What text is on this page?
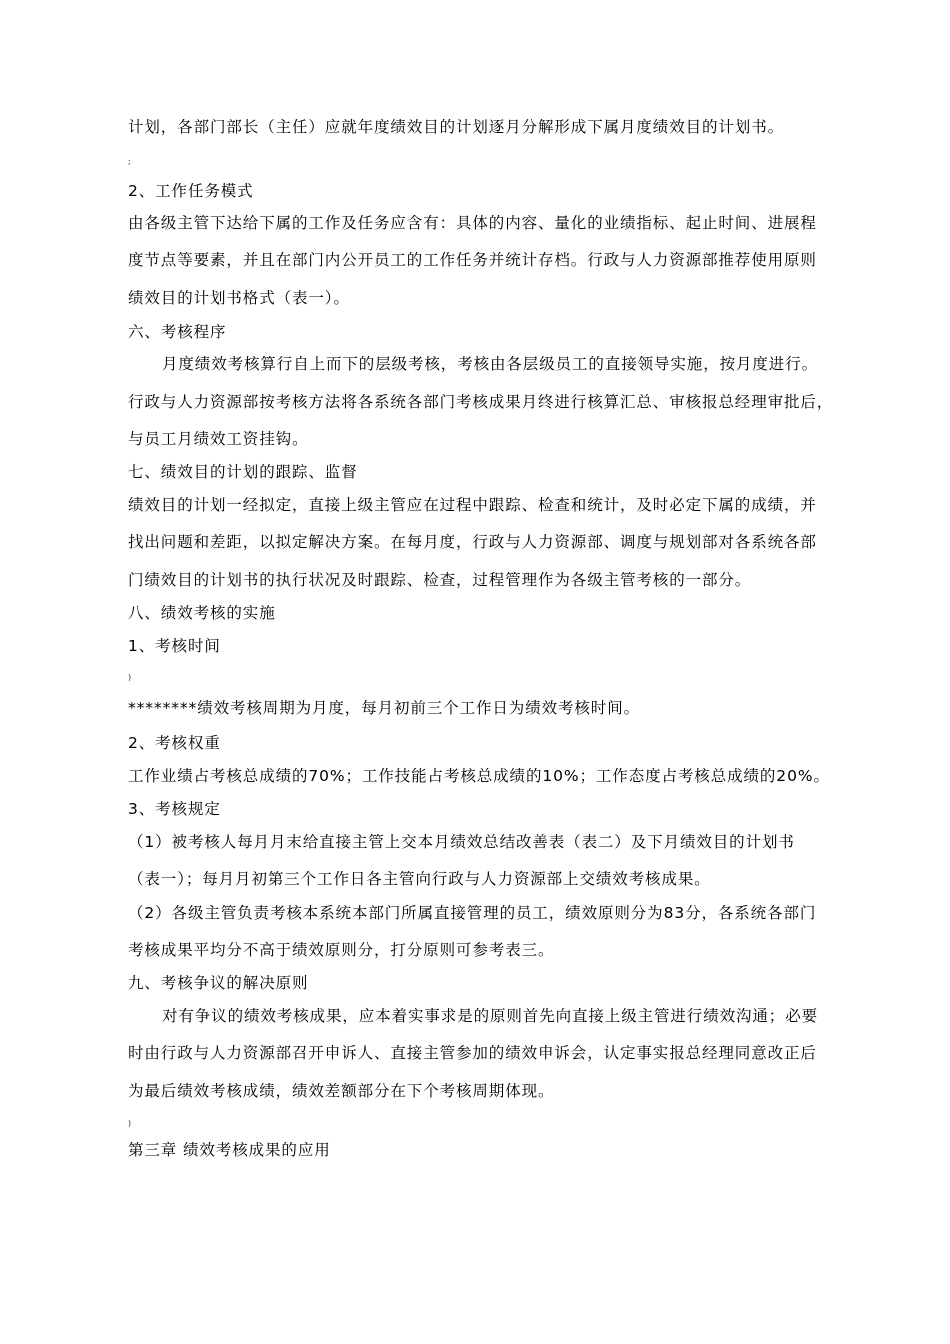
计划，各部门部长（主任）应就年度绩效目的计划逐月分解形成下属月度绩效目的计划书。
;
2、工作任务模式
由各级主管下达给下属的工作及任务应含有：具体的内容、量化的业绩指标、起止时间、进展程
度节点等要素，并且在部门内公开员工的工作任务并统计存档。行政与人力资源部推荐使用原则
绩效目的计划书格式（表一）。
六、考核程序
月度绩效考核算行自上而下的层级考核，考核由各层级员工的直接领导实施，按月度进行。
行政与人力资源部按考核方法将各系统各部门考核成果月终进行核算汇总、审核报总经理审批后，
与员工月绩效工资挂钩。
七、绩效目的计划的跟踪、监督
绩效目的计划一经拟定，直接上级主管应在过程中跟踪、检查和统计，及时必定下属的成绩，并
找出问题和差距，以拟定解决方案。在每月度，行政与人力资源部、调度与规划部对各系统各部
门绩效目的计划书的执行状况及时跟踪、检查，过程管理作为各级主管考核的一部分。
八、绩效考核的实施
1、考核时间
)
********绩效考核周期为月度，每月初前三个工作日为绩效考核时间。
2、考核权重
工作业绩占考核总成绩的70%；工作技能占考核总成绩的10%；工作态度占考核总成绩的20%。
3、考核规定
（1）被考核人每月月末给直接主管上交本月绩效总结改善表（表二）及下月绩效目的计划书
（表一）；每月月初第三个工作日各主管向行政与人力资源部上交绩效考核成果。
（2）各级主管负责考核本系统本部门所属直接管理的员工，绩效原则分为83分，各系统各部门
考核成果平均分不高于绩效原则分，打分原则可参考表三。
九、考核争议的解决原则
对有争议的绩效考核成果，应本着实事求是的原则首先向直接上级主管进行绩效沟通；必要
时由行政与人力资源部召开申诉人、直接主管参加的绩效申诉会，认定事实报总经理同意改正后
为最后绩效考核成绩，绩效差额部分在下个考核周期体现。
)
第三章 绩效考核成果的应用
